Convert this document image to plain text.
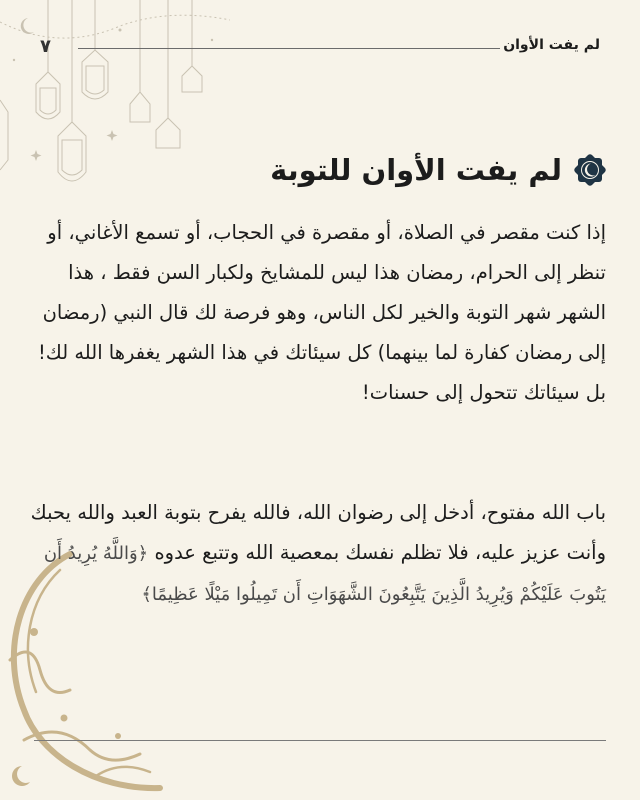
لم يفت الأوان
٧
لم يفت الأوان للتوبة

إذا كنت مقصر في الصلاة، أو مقصرة في الحجاب، أو تسمع الأغاني، أو تنظر إلى الحرام، رمضان هذا ليس للمشايخ ولكبار السن فقط ، هذا الشهر شهر التوبة والخير لكل الناس، وهو فرصة لك قال النبي (رمضان إلى رمضان كفارة لما بينهما) كل سيئاتك في هذا الشهر يغفرها الله لك! بل سيئاتك تتحول إلى حسنات!

باب الله مفتوح، أدخل إلى رضوان الله، فالله يفرح بتوبة العبد والله يحبك وأنت عزيز عليه، فلا تظلم نفسك بمعصية الله وتتبع عدوه ﴿وَاللَّهُ يُرِيدُ أَن يَتُوبَ عَلَيْكُمْ وَيُرِيدُ الَّذِينَ يَتَّبِعُونَ الشَّهَوَاتِ أَن تَمِيلُوا مَيْلًا عَظِيمًا﴾
